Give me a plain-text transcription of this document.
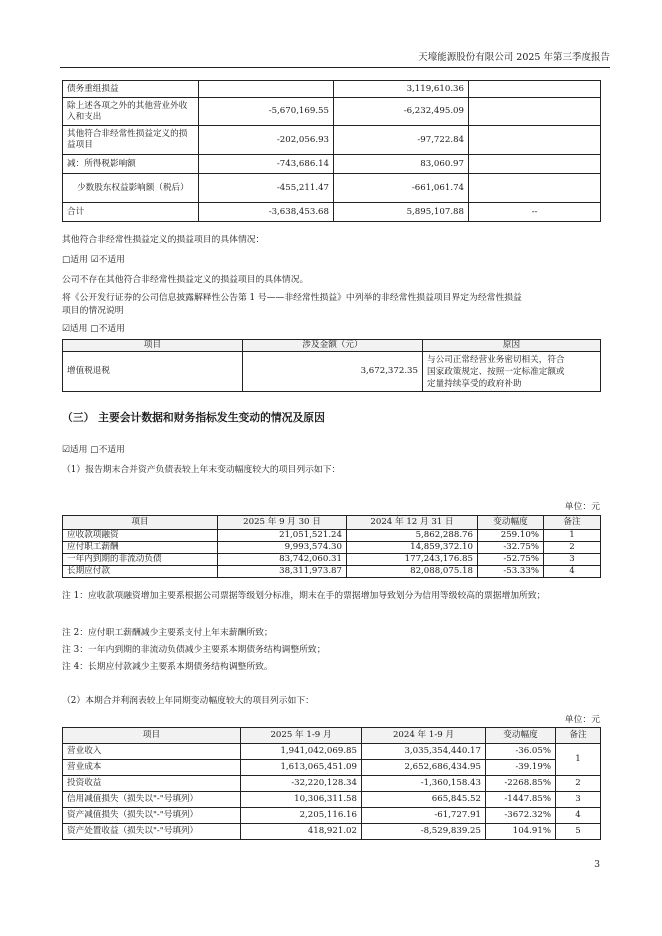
天壕能源股份有限公司 2025 年第三季度报告
债务重组损益		3,119,610.36	
除上述各项之外的其他营业外收入和支出	-5,670,169.55	-6,232,495.09	
其他符合非经常性损益定义的损益项目	-202,056.93	-97,722.84	
减：所得税影响额	-743,686.14	83,060.97	
少数股东权益影响额（税后）	-455,211.47	-661,061.74	
合计	-3,638,453.68	5,895,107.88	--
其他符合非经常性损益定义的损益项目的具体情况：
□适用 ☑不适用
公司不存在其他符合非经常性损益定义的损益项目的具体情况。
将《公开发行证券的公司信息披露解释性公告第 1 号——非经常性损益》中列举的非经常性损益项目界定为经常性损益
项目的情况说明
☑适用 □不适用
项目	涉及金额（元）	原因
增值税退税	3,672,372.35	与公司正常经营业务密切相关，符合
国家政策规定、按照一定标准定额或
定量持续享受的政府补助
（三） 主要会计数据和财务指标发生变动的情况及原因
☑适用 □不适用
（1）报告期末合并资产负债表较上年末变动幅度较大的项目列示如下：
单位：元
项目	2025 年 9 月 30 日	2024 年 12 月 31 日	变动幅度	备注
应收款项融资	21,051,521.24	5,862,288.76	259.10%	1
应付职工薪酬	9,993,574.30	14,859,372.10	-32.75%	2
一年内到期的非流动负债	83,742,060.31	177,243,176.85	-52.75%	3
长期应付款	38,311,973.87	82,088,075.18	-53.33%	4
注 1：应收款项融资增加主要系根据公司票据等级划分标准，期末在手的票据增加导致划分为信用等级较高的票据增加所致；
注 2：应付职工薪酬减少主要系支付上年末薪酬所致；
注 3：一年内到期的非流动负债减少主要系本期债务结构调整所致；
注 4：长期应付款减少主要系本期债务结构调整所致。
（2）本期合并利润表较上年同期变动幅度较大的项目列示如下：
单位：元
项目	2025 年 1-9 月	2024 年 1-9 月	变动幅度	备注
营业收入	1,941,042,069.85	3,035,354,440.17	-36.05%	1
营业成本	1,613,065,451.09	2,652,686,434.95	-39.19%	
投资收益	-32,220,128.34	-1,360,158.43	-2268.85%	2
信用减值损失（损失以"-"号填列）	10,306,311.58	665,845.52	-1447.85%	3
资产减值损失（损失以"-"号填列）	2,205,116.16	-61,727.91	-3672.32%	4
资产处置收益（损失以"-"号填列）	418,921.02	-8,529,839.25	104.91%	5
3
